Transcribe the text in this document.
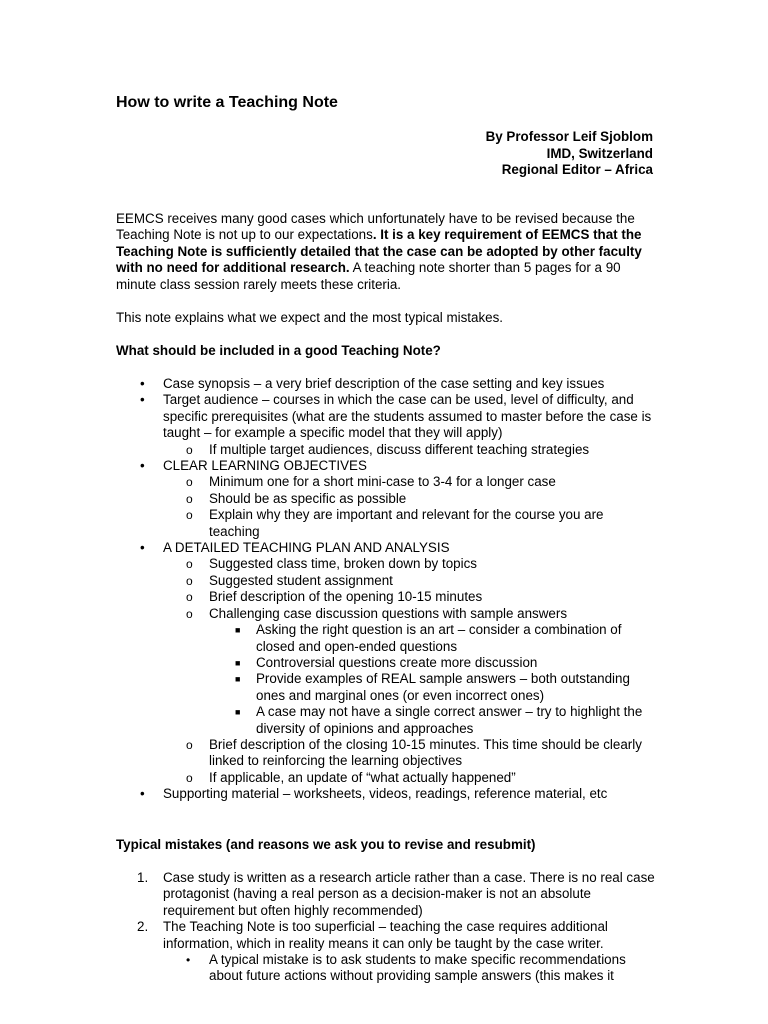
How to write a Teaching Note
By Professor Leif Sjoblom
IMD, Switzerland
Regional Editor – Africa
EEMCS receives many good cases which unfortunately have to be revised because the Teaching Note is not up to our expectations. It is a key requirement of EEMCS that the Teaching Note is sufficiently detailed that the case can be adopted by other faculty with no need for additional research. A teaching note shorter than 5 pages for a 90 minute class session rarely meets these criteria.
This note explains what we expect and the most typical mistakes.
What should be included in a good Teaching Note?
• Case synopsis – a very brief description of the case setting and key issues
• Target audience – courses in which the case can be used, level of difficulty, and specific prerequisites (what are the students assumed to master before the case is taught – for example a specific model that they will apply)
o If multiple target audiences, discuss different teaching strategies
• CLEAR LEARNING OBJECTIVES
o Minimum one for a short mini-case to 3-4 for a longer case
o Should be as specific as possible
o Explain why they are important and relevant for the course you are teaching
• A DETAILED TEACHING PLAN AND ANALYSIS
o Suggested class time, broken down by topics
o Suggested student assignment
o Brief description of the opening 10-15 minutes
o Challenging case discussion questions with sample answers
■ Asking the right question is an art – consider a combination of closed and open-ended questions
■ Controversial questions create more discussion
■ Provide examples of REAL sample answers – both outstanding ones and marginal ones (or even incorrect ones)
■ A case may not have a single correct answer – try to highlight the diversity of opinions and approaches
o Brief description of the closing 10-15 minutes. This time should be clearly linked to reinforcing the learning objectives
o If applicable, an update of “what actually happened”
• Supporting material – worksheets, videos, readings, reference material, etc
Typical mistakes (and reasons we ask you to revise and resubmit)
1. Case study is written as a research article rather than a case. There is no real case protagonist (having a real person as a decision-maker is not an absolute requirement but often highly recommended)
2. The Teaching Note is too superficial – teaching the case requires additional information, which in reality means it can only be taught by the case writer.
• A typical mistake is to ask students to make specific recommendations about future actions without providing sample answers (this makes it
